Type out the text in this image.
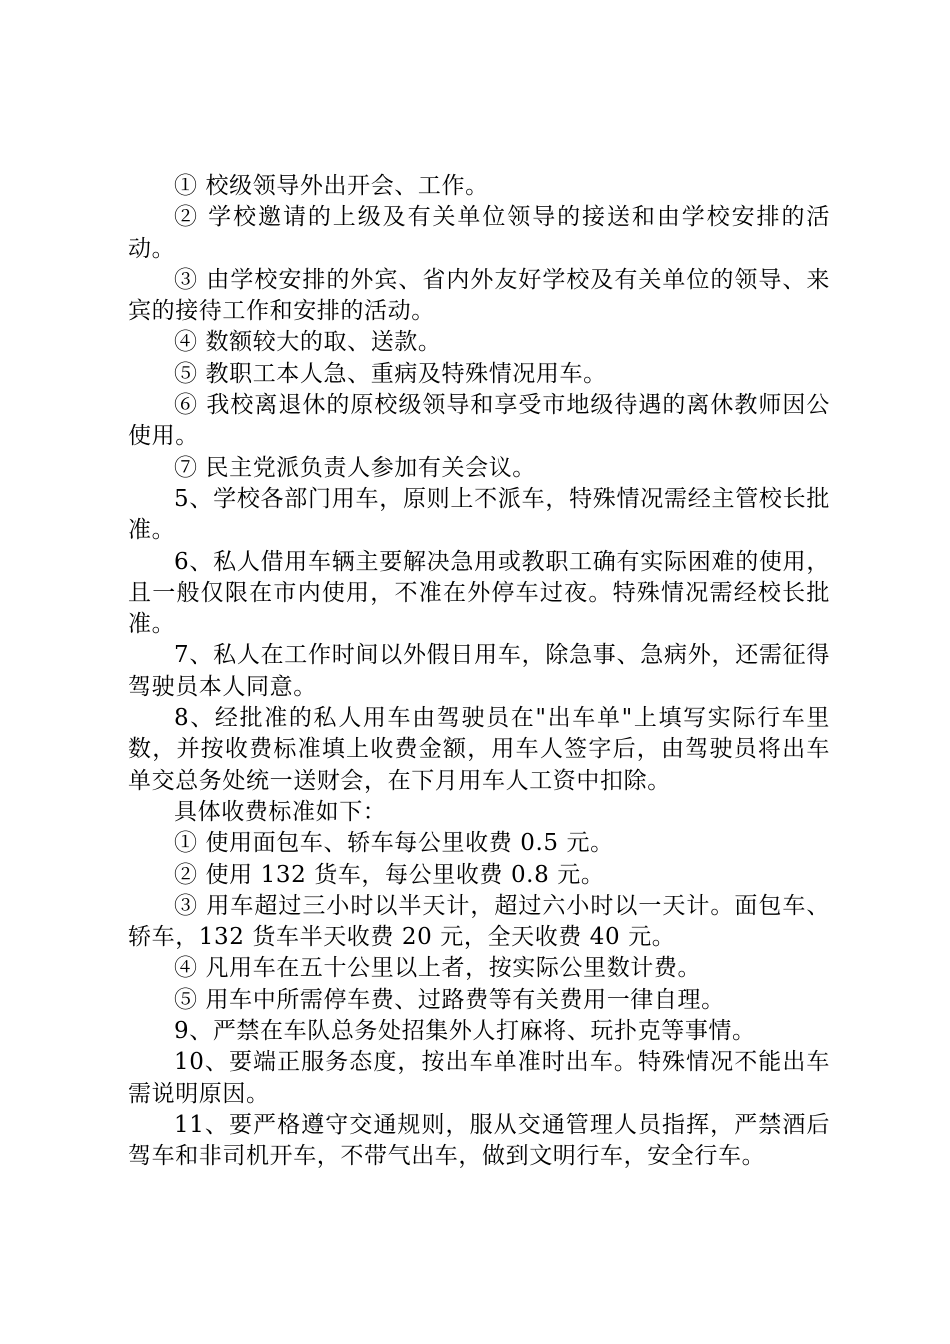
① 校级领导外出开会、工作。

② 学校邀请的上级及有关单位领导的接送和由学校安排的活动。

③ 由学校安排的外宾、省内外友好学校及有关单位的领导、来宾的接待工作和安排的活动。

④ 数额较大的取、送款。

⑤ 教职工本人急、重病及特殊情况用车。

⑥ 我校离退休的原校级领导和享受市地级待遇的离休教师因公使用。

⑦ 民主党派负责人参加有关会议。

5、学校各部门用车，原则上不派车，特殊情况需经主管校长批准。

6、私人借用车辆主要解决急用或教职工确有实际困难的使用，且一般仅限在市内使用，不准在外停车过夜。特殊情况需经校长批准。

7、私人在工作时间以外假日用车，除急事、急病外，还需征得驾驶员本人同意。

8、经批准的私人用车由驾驶员在"出车单"上填写实际行车里数，并按收费标准填上收费金额，用车人签字后，由驾驶员将出车单交总务处统一送财会，在下月用车人工资中扣除。

具体收费标准如下：

① 使用面包车、轿车每公里收费 0.5 元。

② 使用 132 货车，每公里收费 0.8 元。

③ 用车超过三小时以半天计，超过六小时以一天计。面包车、轿车，132 货车半天收费 20 元，全天收费 40 元。

④ 凡用车在五十公里以上者，按实际公里数计费。

⑤ 用车中所需停车费、过路费等有关费用一律自理。

9、严禁在车队总务处招集外人打麻将、玩扑克等事情。

10、要端正服务态度，按出车单准时出车。特殊情况不能出车需说明原因。

11、要严格遵守交通规则，服从交通管理人员指挥，严禁酒后驾车和非司机开车，不带气出车，做到文明行车，安全行车。
